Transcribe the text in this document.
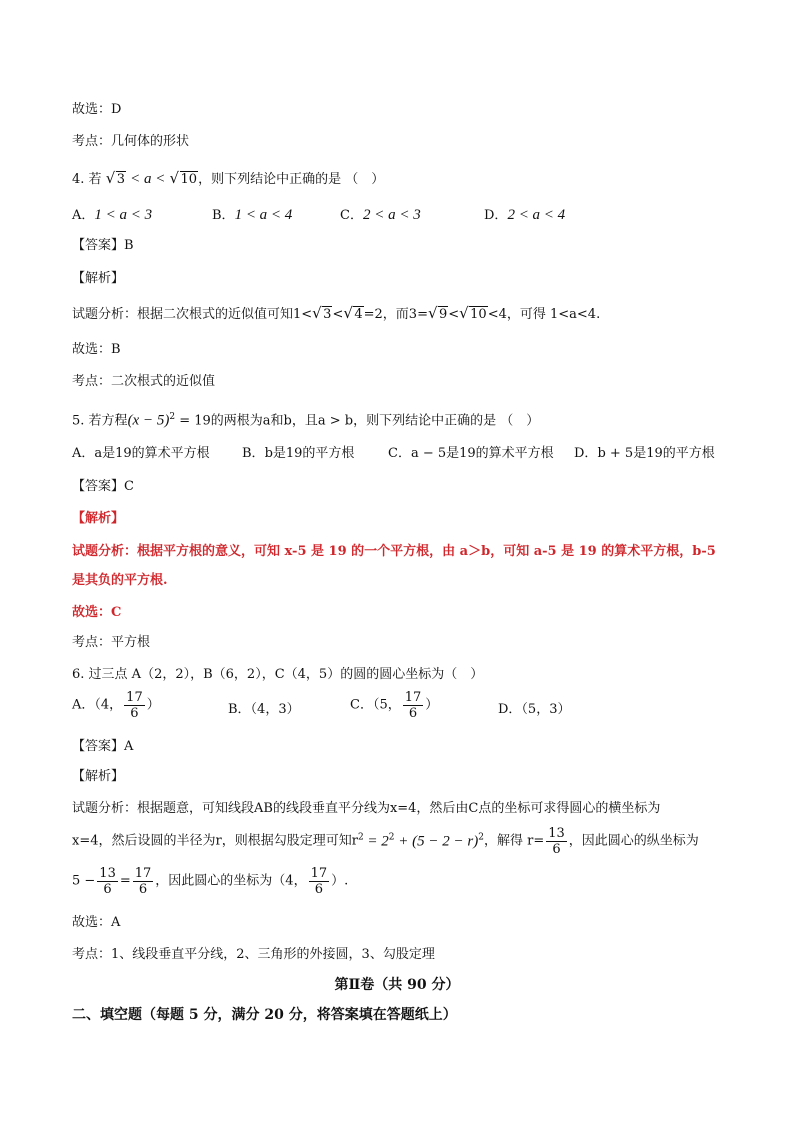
故选：D
考点：几何体的形状
4. 若 √ 3 < a < √ 10，则下列结论中正确的是 （　）
A．1 < a < 3	B．1 < a < 4	C．2 < a < 3	D．2 < a < 4
【答案】B
【解析】
试题分析：根据二次根式的近似值可知1< √ 3< √ 4=2，而3= √ 9< √ 10<4，可得 1<a<4.
故选：B
考点：二次根式的近似值
5. 若方程$(x - 5)^2 = 19$的两根为a和b，且a > b，则下列结论中正确的是 （　）
A．a是19的算术平方根 B．b是19的平方根	C．a − 5是19的算术平方根 D．b + 5是19的平方根
【答案】C
【解析】
试题分析：根据平方根的意义，可知 x-5 是 19 的一个平方根，由 a＞b，可知 a-5 是 19 的算术平方根，b-5
是其负的平方根.
故选：C
考点：平方根
6. 过三点 A（2，2），B（6，2），C（4，5）的圆的圆心坐标为（　）
A．（4， $\frac{17}{6}$ ）	B．（4，3）	C．（5， $\frac{17}{6}$ ）	D．（5，3）
【答案】A
【解析】
试题分析：根据题意，可知线段AB的线段垂直平分线为x=4，然后由C点的坐标可求得圆心的横坐标为
x=4，然后设圆的半径为r，则根据勾股定理可知$r^2 = 2^2 + (5 - 2 - r)^2$，解得 $r= \frac{13}{6}$ ，因此圆心的纵坐标为
$5 - \frac{13}{6} = \frac{17}{6}$ ，因此圆心的坐标为（4， $\frac{17}{6}$ ）.
故选：A
考点：1、线段垂直平分线，2、三角形的外接圆，3、勾股定理
第Ⅱ卷（共 90 分）
二、填空题（每题 5 分，满分 20 分，将答案填在答题纸上）
